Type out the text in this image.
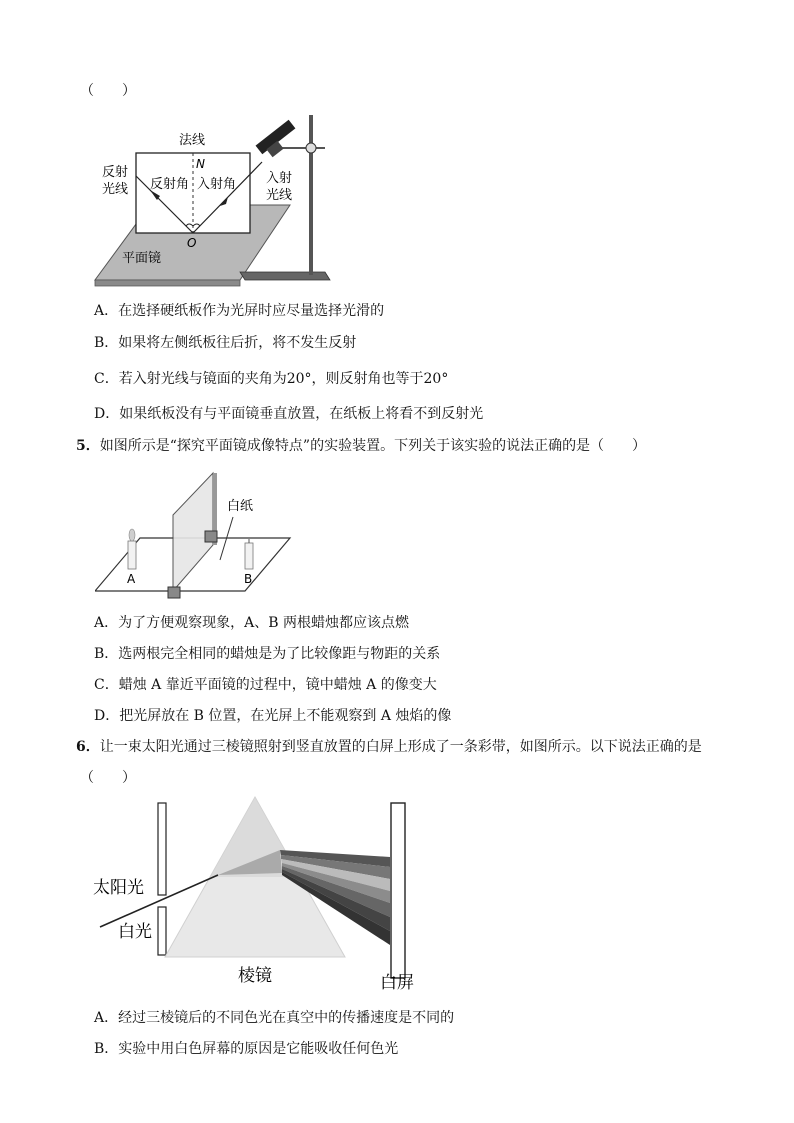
（　　）
法线
N
反射
光线 反射角 入射角 入射
光线
O
平面镜
A．在选择硬纸板作为光屏时应尽量选择光滑的
B．如果将左侧纸板往后折，将不发生反射
C．若入射光线与镜面的夹角为20°，则反射角也等于20°
D．如果纸板没有与平面镜垂直放置，在纸板上将看不到反射光
5．如图所示是“探究平面镜成像特点”的实验装置。下列关于该实验的说法正确的是（　　）
白纸
A	B
A．为了方便观察现象，A、B 两根蜡烛都应该点燃
B．选两根完全相同的蜡烛是为了比较像距与物距的关系
C．蜡烛 A 靠近平面镜的过程中，镜中蜡烛 A 的像变大
D．把光屏放在 B 位置，在光屏上不能观察到 A 烛焰的像
6．让一束太阳光通过三棱镜照射到竖直放置的白屏上形成了一条彩带，如图所示。以下说法正确的是
（　　）
太阳光
白光
棱镜	白屏
A．经过三棱镜后的不同色光在真空中的传播速度是不同的
B．实验中用白色屏幕的原因是它能吸收任何色光
